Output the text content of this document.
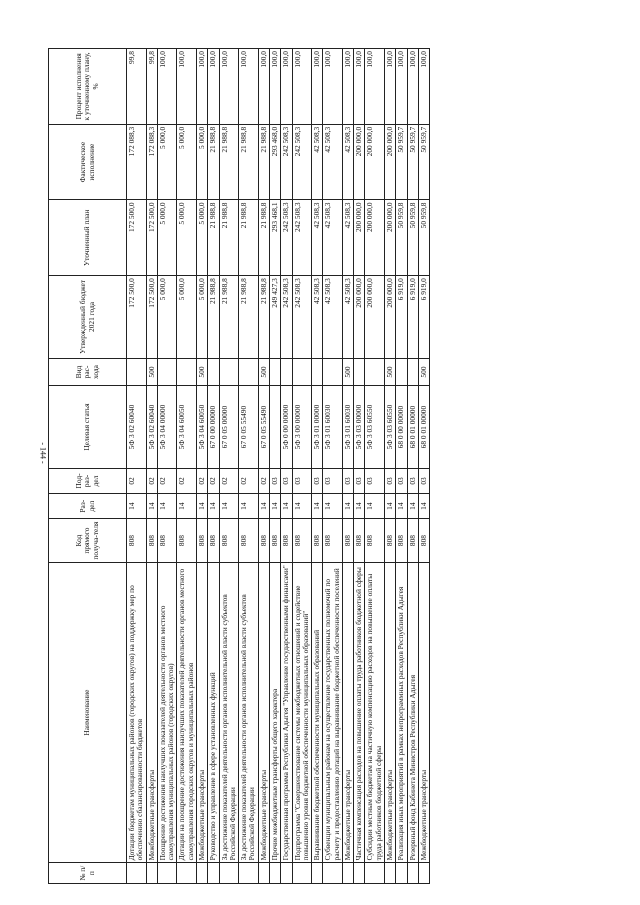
- 144 -
№ п/п	Наименование	Код прямого получа-теля	Раз-дел	Под-раз-дел	Целевая статья	Вид рас-хода	Утвержденный бюджет 2021 года	Уточненный план	Фактическое исполнение	Процент исполнения к уточненному плану, %
	Дотации бюджетам муниципальных районов (городских округов) на поддержку мер по обеспечению сбалансированности бюджетов	808	14	02	5Ф 3 02 60040		172 500,0	172 500,0	172 088,3	99,8
	Межбюджетные трансферты	808	14	02	5Ф 3 02 60040	500	172 500,0	172 500,0	172 088,3	99,8
	Поощрение достижения наилучших показателей деятельности органов местного самоуправления муниципальных районов (городских округов)	808	14	02	5Ф 3 04 00000		5 000,0	5 000,0	5 000,0	100,0
	Дотации на поощрение достижения наилучших показателей деятельности органов местного самоуправления городских округов и муниципальных районов	808	14	02	5Ф 3 04 60050		5 000,0	5 000,0	5 000,0	100,0
	Межбюджетные трансферты	808	14	02	5Ф 3 04 60050	500	5 000,0	5 000,0	5 000,0	100,0
	Руководство и управление в сфере установленных функций	808	14	02	67 0 00 00000		21 988,8	21 988,8	21 988,8	100,0
	За достижение показателей деятельности органов исполнительной власти субъектов Российской Федерации	808	14	02	67 0 05 00000		21 988,8	21 988,8	21 988,8	100,0
	За достижение показателей деятельности органов исполнительной власти субъектов Российской Федерации	808	14	02	67 0 05 55490		21 988,8	21 988,8	21 988,8	100,0
	Межбюджетные трансферты	808	14	02	67 0 05 55490	500	21 988,8	21 988,8	21 988,8	100,0
	Прочие межбюджетные трансферты общего характера	808	14	03			249 427,3	293 468,1	293 468,0	100,0
	Государственная программа Республики Адыгея "Управление государственными финансами"	808	14	03	5Ф 0 00 00000		242 508,3	242 508,3	242 508,3	100,0
	Подпрограмма "Совершенствование системы межбюджетных отношений и содействие повышению уровня бюджетной обеспеченности муниципальных образований"	808	14	03	5Ф 3 00 00000		242 508,3	242 508,3	242 508,3	100,0
	Выравнивание бюджетной обеспеченности муниципальных образований	808	14	03	5Ф 3 01 00000		42 508,3	42 508,3	42 508,3	100,0
	Субвенции муниципальным районам на осуществление государственных полномочий по расчету и предоставлению дотаций на выравнивание бюджетной обеспеченности поселений	808	14	03	5Ф 3 01 60030		42 508,3	42 508,3	42 508,3	100,0
	Межбюджетные трансферты	808	14	03	5Ф 3 01 60030	500	42 508,3	42 508,3	42 508,3	100,0
	Частичная компенсация расходов на повышение оплаты труда работников бюджетной сферы	808	14	03	5Ф 3 03 00000		200 000,0	200 000,0	200 000,0	100,0
	Субсидии местным бюджетам на частичную компенсацию расходов на повышение оплаты труда работников бюджетной сферы	808	14	03	5Ф 3 03 60550		200 000,0	200 000,0	200 000,0	100,0
	Межбюджетные трансферты	808	14	03	5Ф 3 03 60550	500	200 000,0	200 000,0	200 000,0	100,0
	Реализация иных мероприятий в рамках непрограммных расходов Республики Адыгея	808	14	03	68 0 00 00000		6 919,0	50 959,8	50 959,7	100,0
	Резервный фонд Кабинета Министров Республики Адыгея	808	14	03	68 0 01 00000		6 919,0	50 959,8	50 959,7	100,0
	Межбюджетные трансферты	808	14	03	68 0 01 00000	500	6 919,0	50 959,8	50 959,7	100,0
